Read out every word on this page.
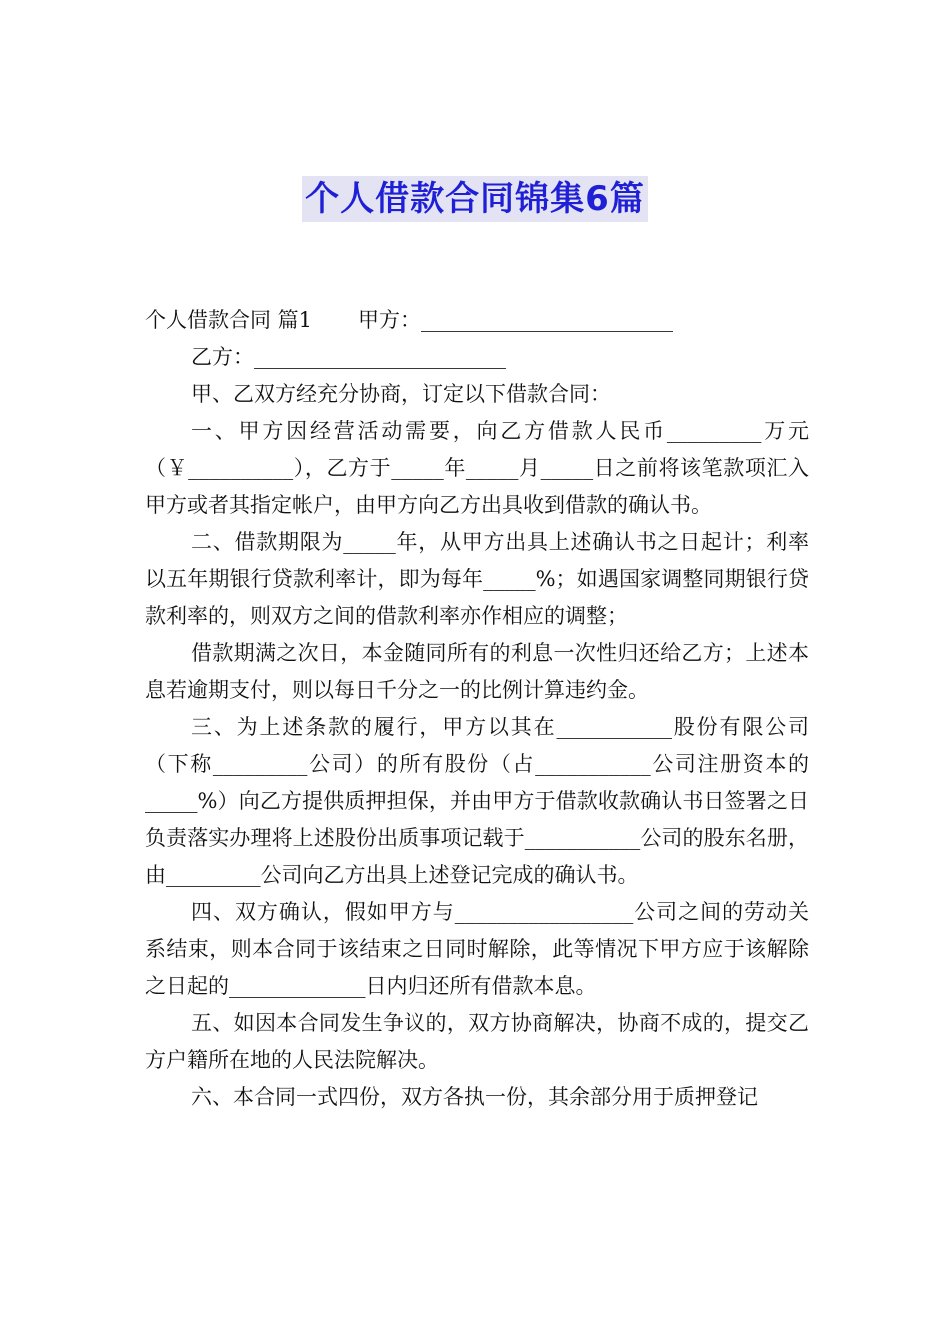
个人借款合同锦集6篇

个人借款合同 篇1 甲方：________________________

乙方：________________________

甲、乙双方经充分协商，订定以下借款合同：

一、甲方因经营活动需要，向乙方借款人民币_________万元（￥__________），乙方于_____年_____月_____日之前将该笔款项汇入甲方或者其指定帐户，由甲方向乙方出具收到借款的确认书。

二、借款期限为_____年，从甲方出具上述确认书之日起计；利率以五年期银行贷款利率计，即为每年_____%；如遇国家调整同期银行贷款利率的，则双方之间的借款利率亦作相应的调整；

借款期满之次日，本金随同所有的利息一次性归还给乙方；上述本息若逾期支付，则以每日千分之一的比例计算违约金。

三、为上述条款的履行，甲方以其在___________股份有限公司（下称_________公司）的所有股份（占___________公司注册资本的_____%）向乙方提供质押担保，并由甲方于借款收款确认书日签署之日负责落实办理将上述股份出质事项记载于___________公司的股东名册，由_________公司向乙方出具上述登记完成的确认书。

四、双方确认，假如甲方与_________________公司之间的劳动关系结束，则本合同于该结束之日同时解除，此等情况下甲方应于该解除之日起的_____________日内归还所有借款本息。

五、如因本合同发生争议的，双方协商解决，协商不成的，提交乙方户籍所在地的人民法院解决。

六、本合同一式四份，双方各执一份，其余部分用于质押登记
